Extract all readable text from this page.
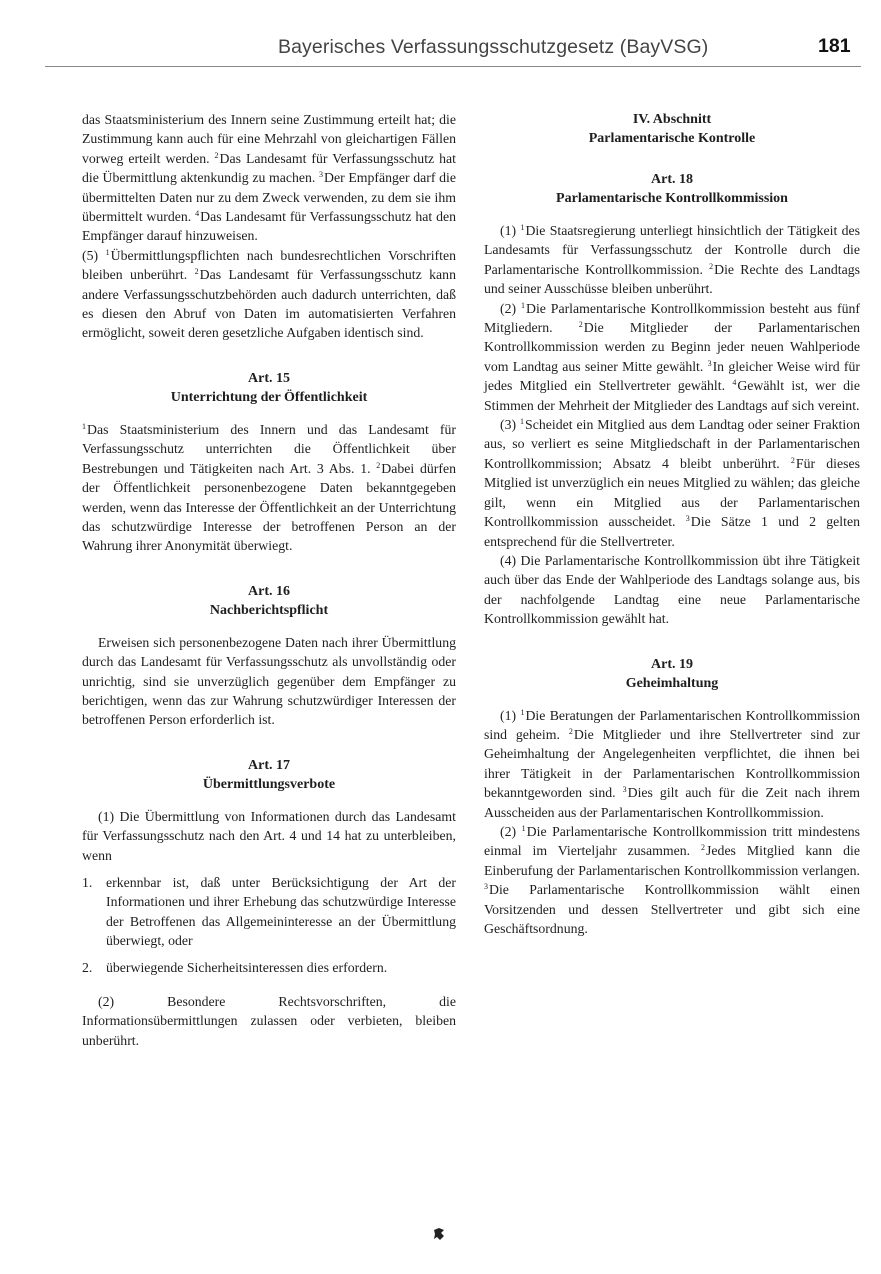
Bayerisches Verfassungsschutzgesetz (BayVSG)	181

das Staatsministerium des Innern seine Zustimmung erteilt hat; die Zustimmung kann auch für eine Mehrzahl von gleichartigen Fällen vorweg erteilt werden. $^2$Das Landesamt für Verfassungsschutz hat die Übermittlung aktenkundig zu machen. $^3$Der Empfänger darf die übermittelten Daten nur zu dem Zweck verwenden, zu dem sie ihm übermittelt wurden. $^4$Das Landesamt für Verfassungsschutz hat den Empfänger darauf hinzuweisen.

(5) $^1$Übermittlungspflichten nach bundesrechtlichen Vorschriften bleiben unberührt. $^2$Das Landesamt für Verfassungsschutz kann andere Verfassungsschutzbehörden auch dadurch unterrichten, daß es diesen den Abruf von Daten im automatisierten Verfahren ermöglicht, soweit deren gesetzliche Aufgaben identisch sind.

Art. 15

Unterrichtung der Öffentlichkeit

$^1$Das Staatsministerium des Innern und das Landesamt für Verfassungsschutz unterrichten die Öffentlichkeit über Bestrebungen und Tätigkeiten nach Art. 3 Abs. 1. $^2$Dabei dürfen der Öffentlichkeit personenbezogene Daten bekanntgegeben werden, wenn das Interesse der Öffentlichkeit an der Unterrichtung das schutzwürdige Interesse der betroffenen Person an der Wahrung ihrer Anonymität überwiegt.

Art. 16

Nachberichtspflicht

Erweisen sich personenbezogene Daten nach ihrer Übermittlung durch das Landesamt für Verfassungsschutz als unvollständig oder unrichtig, sind sie unverzüglich gegenüber dem Empfänger zu berichtigen, wenn das zur Wahrung schutzwürdiger Interessen der betroffenen Person erforderlich ist.

Art. 17

Übermittlungsverbote

(1) Die Übermittlung von Informationen durch das Landesamt für Verfassungsschutz nach den Art. 4 und 14 hat zu unterbleiben, wenn

1. erkennbar ist, daß unter Berücksichtigung der Art der Informationen und ihrer Erhebung das schutzwürdige Interesse der Betroffenen das Allgemeininteresse an der Übermittlung überwiegt, oder
2. überwiegende Sicherheitsinteressen dies erfordern.

(2) Besondere Rechtsvorschriften, die Informationsübermittlungen zulassen oder verbieten, bleiben unberührt.

IV. Abschnitt

Parlamentarische Kontrolle

Art. 18

Parlamentarische Kontrollkommission

(1) $^1$Die Staatsregierung unterliegt hinsichtlich der Tätigkeit des Landesamts für Verfassungsschutz der Kontrolle durch die Parlamentarische Kontrollkommission. $^2$Die Rechte des Landtags und seiner Ausschüsse bleiben unberührt.

(2) $^1$Die Parlamentarische Kontrollkommission besteht aus fünf Mitgliedern.	$^2$Die Mitglieder der Parlamentarischen Kontrollkommission werden zu Beginn jeder neuen Wahlperiode vom Landtag aus seiner Mitte gewählt. $^3$In gleicher Weise wird für jedes Mitglied ein Stellvertreter gewählt. $^4$Gewählt ist, wer die Stimmen der Mehrheit der Mitglieder des Landtags auf sich vereint.

(3) $^1$Scheidet ein Mitglied aus dem Landtag oder seiner Fraktion aus, so verliert es seine Mitgliedschaft in der Parlamentarischen Kontrollkommission; Absatz 4 bleibt unberührt. $^2$Für dieses Mitglied ist unverzüglich ein neues Mitglied zu wählen; das gleiche gilt, wenn ein Mitglied aus der Parlamentarischen Kontrollkommission ausscheidet. $^3$Die Sätze 1 und 2 gelten entsprechend für die Stellvertreter.

(4) Die Parlamentarische Kontrollkommission übt ihre Tätigkeit auch über das Ende der Wahlperiode des Landtags solange aus, bis der nachfolgende Landtag eine neue Parlamentarische Kontrollkommission gewählt hat.

Art. 19

Geheimhaltung

(1) $^1$Die Beratungen der Parlamentarischen Kontrollkommission sind geheim. $^2$Die Mitglieder und ihre Stellvertreter sind zur Geheimhaltung der Angelegenheiten verpflichtet, die ihnen bei ihrer Tätigkeit in der Parlamentarischen Kontrollkommission bekanntgeworden sind. $^3$Dies gilt auch für die Zeit nach ihrem Ausscheiden aus der Parlamentarischen Kontrollkommission.

(2) $^1$Die Parlamentarische Kontrollkommission tritt mindestens einmal im Vierteljahr zusammen. $^2$Jedes Mitglied kann die Einberufung der Parlamentarischen Kontrollkommission verlangen. $^3$Die Parlamentarische Kontrollkommission wählt einen Vorsitzenden und dessen Stellvertreter und gibt sich eine Geschäftsordnung.
